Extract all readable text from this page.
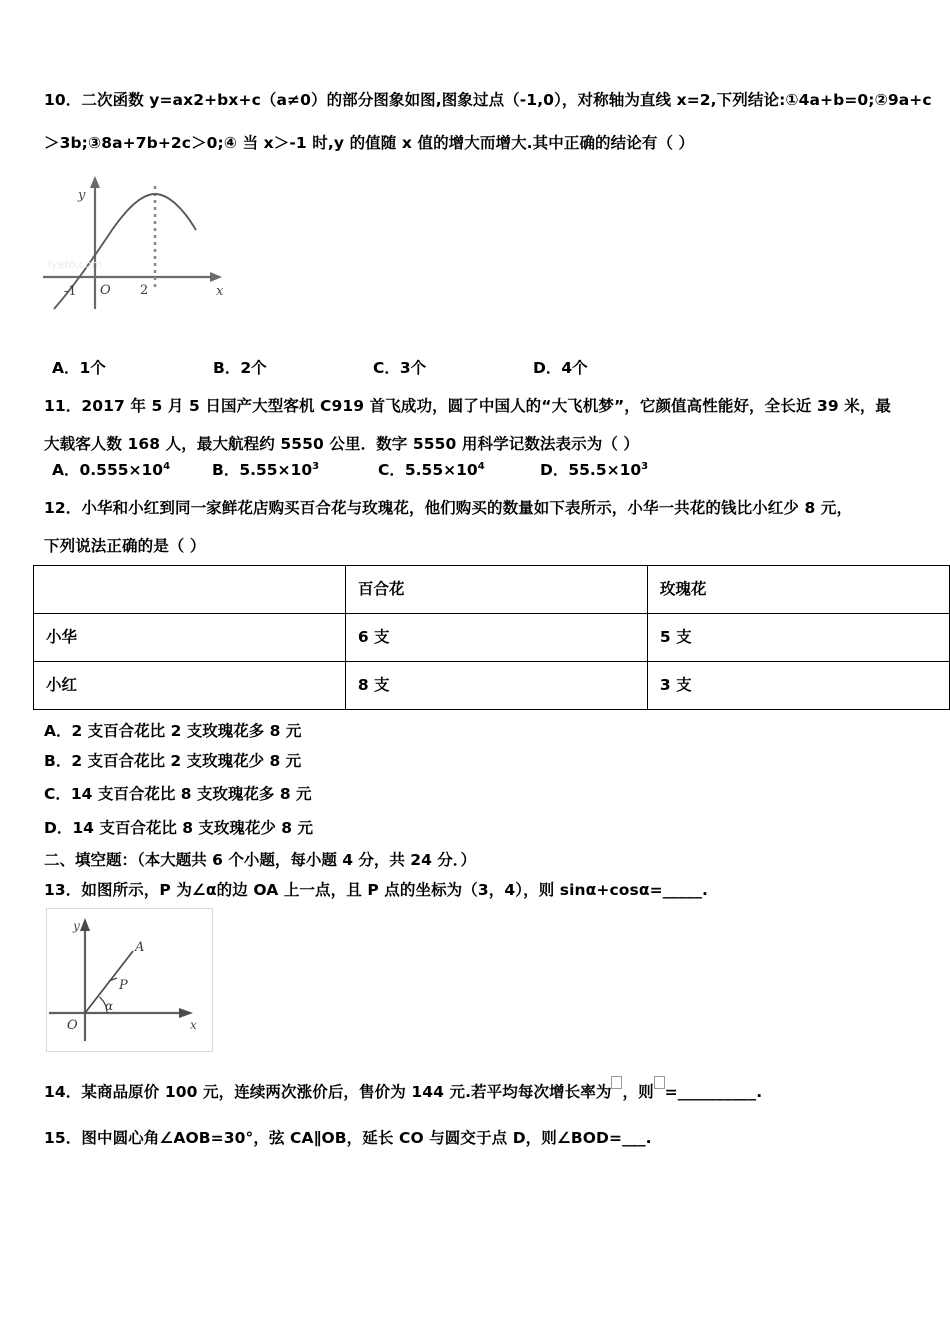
10．二次函数 y=ax2+bx+c（a≠0）的部分图象如图,图象过点（-1,0），对称轴为直线 x=2,下列结论:①4a+b=0;②9a+c
＞3b;③8a+7b+2c＞0;④ 当 x＞-1 时,y 的值随 x 值的增大而增大.其中正确的结论有（ ）
y
x
O
-1	2
lyeto.com
A．1个	B．2个	C．3个	D．4个
11．2017 年 5 月 5 日国产大型客机 C919 首飞成功，圆了中国人的“大飞机梦”，它颜值高性能好，全长近 39 米，最
大载客人数 168 人，最大航程约 5550 公里．数字 5550 用科学记数法表示为（ ）
A．$0.555\times 10^4$	B．$5.55\times 10^3$	C．$5.55\times 10^4$	D．$55.5\times 10^3$
12．小华和小红到同一家鲜花店购买百合花与玫瑰花，他们购买的数量如下表所示，小华一共花的钱比小红少 8 元，
下列说法正确的是（ ）
	百合花	玫瑰花
小华	6 支	5 支
小红	8 支	3 支
A．2 支百合花比 2 支玫瑰花多 8 元
B．2 支百合花比 2 支玫瑰花少 8 元
C．14 支百合花比 8 支玫瑰花多 8 元
D．14 支百合花比 8 支玫瑰花少 8 元
二、填空题：（本大题共 6 个小题，每小题 4 分，共 24 分．）
13．如图所示，P 为∠α的边 OA 上一点，且 P 点的坐标为（3，4），则 sinα+cosα=_____.
y
x
O
A
P
α
14．某商品原价 100 元，连续两次涨价后，售价为 144 元.若平均每次增长率为 ，则 =__________.
15．图中圆心角∠AOB=30°，弦 CA∥OB，延长 CO 与圆交于点 D，则∠BOD=___.
